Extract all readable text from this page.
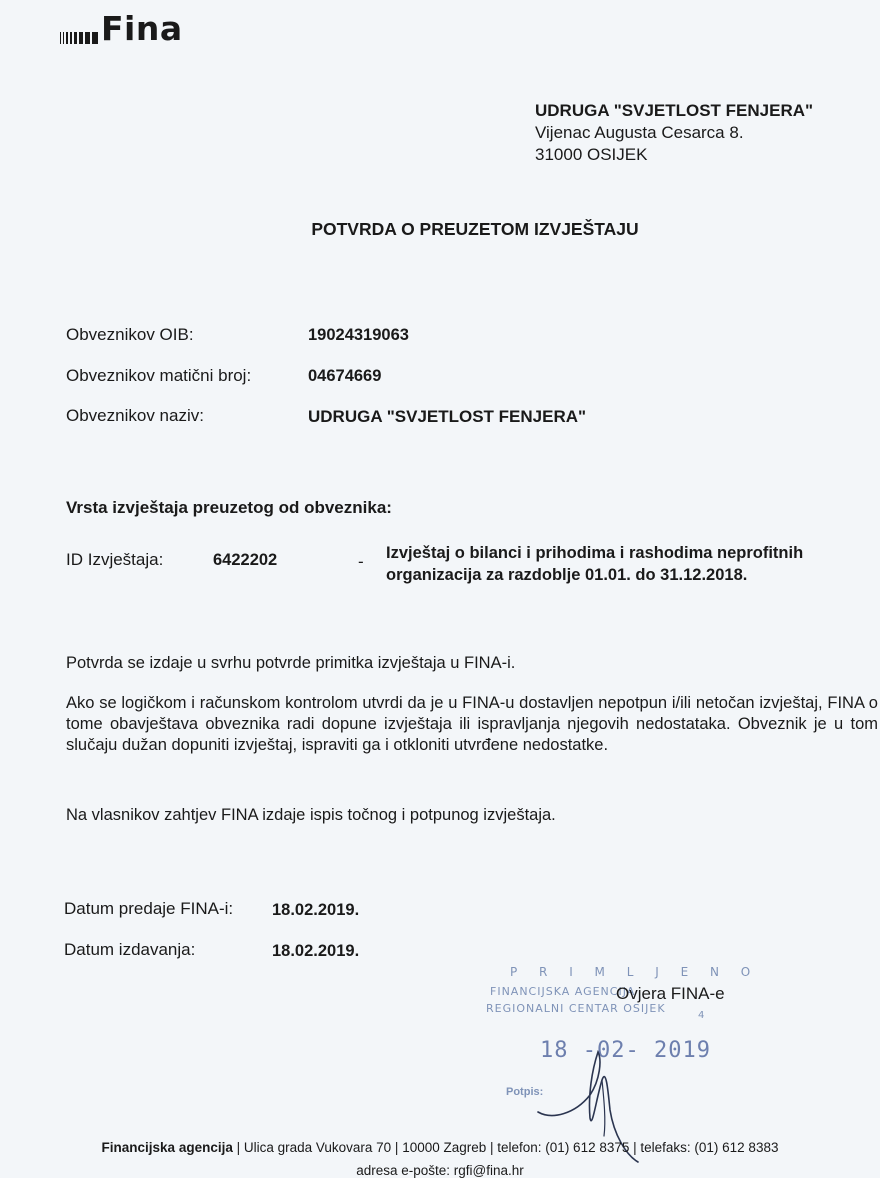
Fina
UDRUGA "SVJETLOST FENJERA"
Vijenac Augusta Cesarca 8.
31000 OSIJEK
POTVRDA O PREUZETOM IZVJEŠTAJU
Obveznikov OIB:	19024319063
Obveznikov matični broj:	04674669
Obveznikov naziv:	UDRUGA "SVJETLOST FENJERA"
Vrsta izvještaja preuzetog od obveznika:
ID Izvještaja:	6422202	- Izvještaj o bilanci i prihodima i rashodima neprofitnih
organizacija za razdoblje 01.01. do 31.12.2018.
Potvrda se izdaje u svrhu potvrde primitka izvještaja u FINA-i.
Ako se logičkom i računskom kontrolom utvrdi da je u FINA-u dostavljen nepotpun i/ili netočan izvještaj, FINA o tome obavještava obveznika radi dopune izvještaja ili ispravljanja njegovih nedostataka. Obveznik je u tom slučaju dužan dopuniti izvještaj, ispraviti ga i otkloniti utvrđene nedostatke.
Na vlasnikov zahtjev FINA izdaje ispis točnog i potpunog izvještaja.
Datum predaje FINA-i: 18.02.2019.
Datum izdavanja:	18.02.2019.
P R I M L J E N O
FINANCIJSKA AGENCIJA
REGIONALNI CENTAR OSIJEK
4
18 -02- 2019
Potpis:
Ovjera FINA-e
Financijska agencija | Ulica grada Vukovara 70 | 10000 Zagreb | telefon: (01) 612 8375 | telefaks: (01) 612 8383
adresa e-pošte: rgfi@fina.hr
